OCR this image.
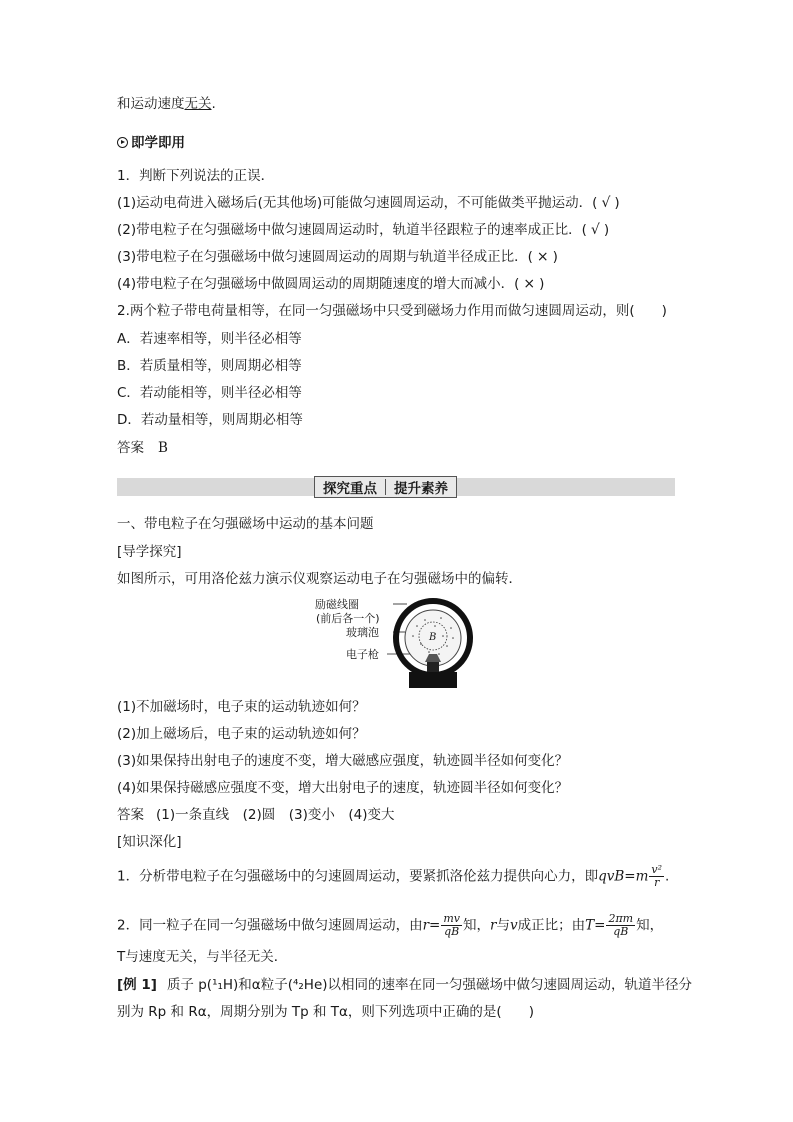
和运动速度无关.
即学即用
1．判断下列说法的正误．
(1)运动电荷进入磁场后(无其他场)可能做匀速圆周运动，不可能做类平抛运动．( √ )
(2)带电粒子在匀强磁场中做匀速圆周运动时，轨道半径跟粒子的速率成正比．( √ )
(3)带电粒子在匀强磁场中做匀速圆周运动的周期与轨道半径成正比．( × )
(4)带电粒子在匀强磁场中做圆周运动的周期随速度的增大而减小．( × )
2.两个粒子带电荷量相等，在同一匀强磁场中只受到磁场力作用而做匀速圆周运动，则(　　)
A．若速率相等，则半径必相等
B．若质量相等，则周期必相等
C．若动能相等，则半径必相等
D．若动量相等，则周期必相等
答案 B
探究重点	提升素养
一、带电粒子在匀强磁场中运动的基本问题
[导学探究]
如图所示，可用洛伦兹力演示仪观察运动电子在匀强磁场中的偏转．
励磁线圈
(前后各一个)
玻璃泡
电子枪
B
(1)不加磁场时，电子束的运动轨迹如何？
(2)加上磁场后，电子束的运动轨迹如何？
(3)如果保持出射电子的速度不变，增大磁感应强度，轨迹圆半径如何变化？
(4)如果保持磁感应强度不变，增大出射电子的速度，轨迹圆半径如何变化？
答案 (1)一条直线　(2)圆　(3)变小　(4)变大
[知识深化]
1．分析带电粒子在匀强磁场中的匀速圆周运动，要紧抓洛伦兹力提供向心力，即$qvB=m \frac{\text{v²}}{r}$ .
2．同一粒子在同一匀强磁场中做匀速圆周运动，由$r= \frac{mv}{qB}$ 知，r与v成正比；由$T= \frac{2\pi m}{qB}$ 知，
T与速度无关，与半径无关．
[例 1] 质子 p(¹₁H)和α粒子(⁴₂He)以相同的速率在同一匀强磁场中做匀速圆周运动，轨道半径分
别为 Rp 和 Rα，周期分别为 Tp 和 Tα，则下列选项中正确的是(　　)
